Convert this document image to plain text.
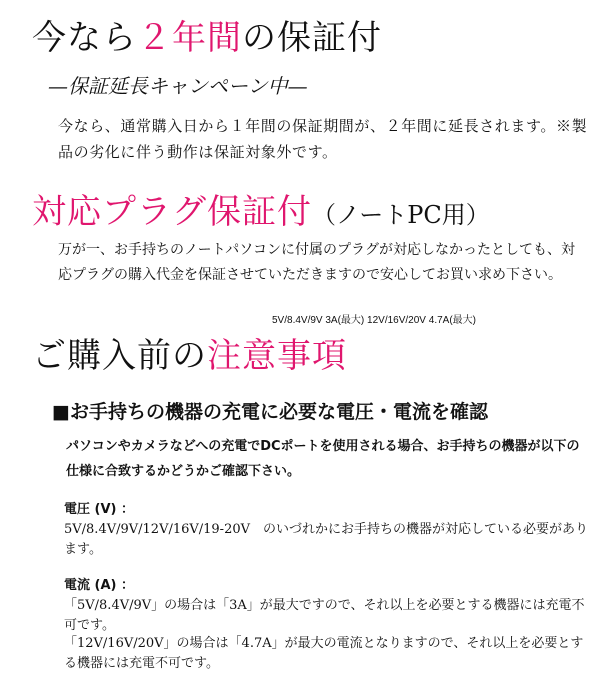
今なら２年間の保証付
—保証延長キャンペーン中—
今なら、通常購入日から１年間の保証期間が、２年間に延長されます。※製品の劣化に伴う動作は保証対象外です。
対応プラグ保証付（ノートPC用）
万が一、お手持ちのノートパソコンに付属のプラグが対応しなかったとしても、対応プラグの購入代金を保証させていただきますので安心してお買い求め下さい。
5V/8.4V/9V 3A(最大) 12V/16V/20V 4.7A(最大)
ご購入前の注意事項
■お手持ちの機器の充電に必要な電圧・電流を確認
パソコンやカメラなどへの充電でDCポートを使用される場合、お手持ちの機器が以下の仕様に合致するかどうかご確認下さい。
電圧 (V) ：
5V/8.4V/9V/12V/16V/19-20V　のいづれかにお手持ちの機器が対応している必要があります。
電流 (A) ：
「5V/8.4V/9V」の場合は「3A」が最大ですので、それ以上を必要とする機器には充電不可です。
「12V/16V/20V」の場合は「4.7A」が最大の電流となりますので、それ以上を必要とする機器には充電不可です。
